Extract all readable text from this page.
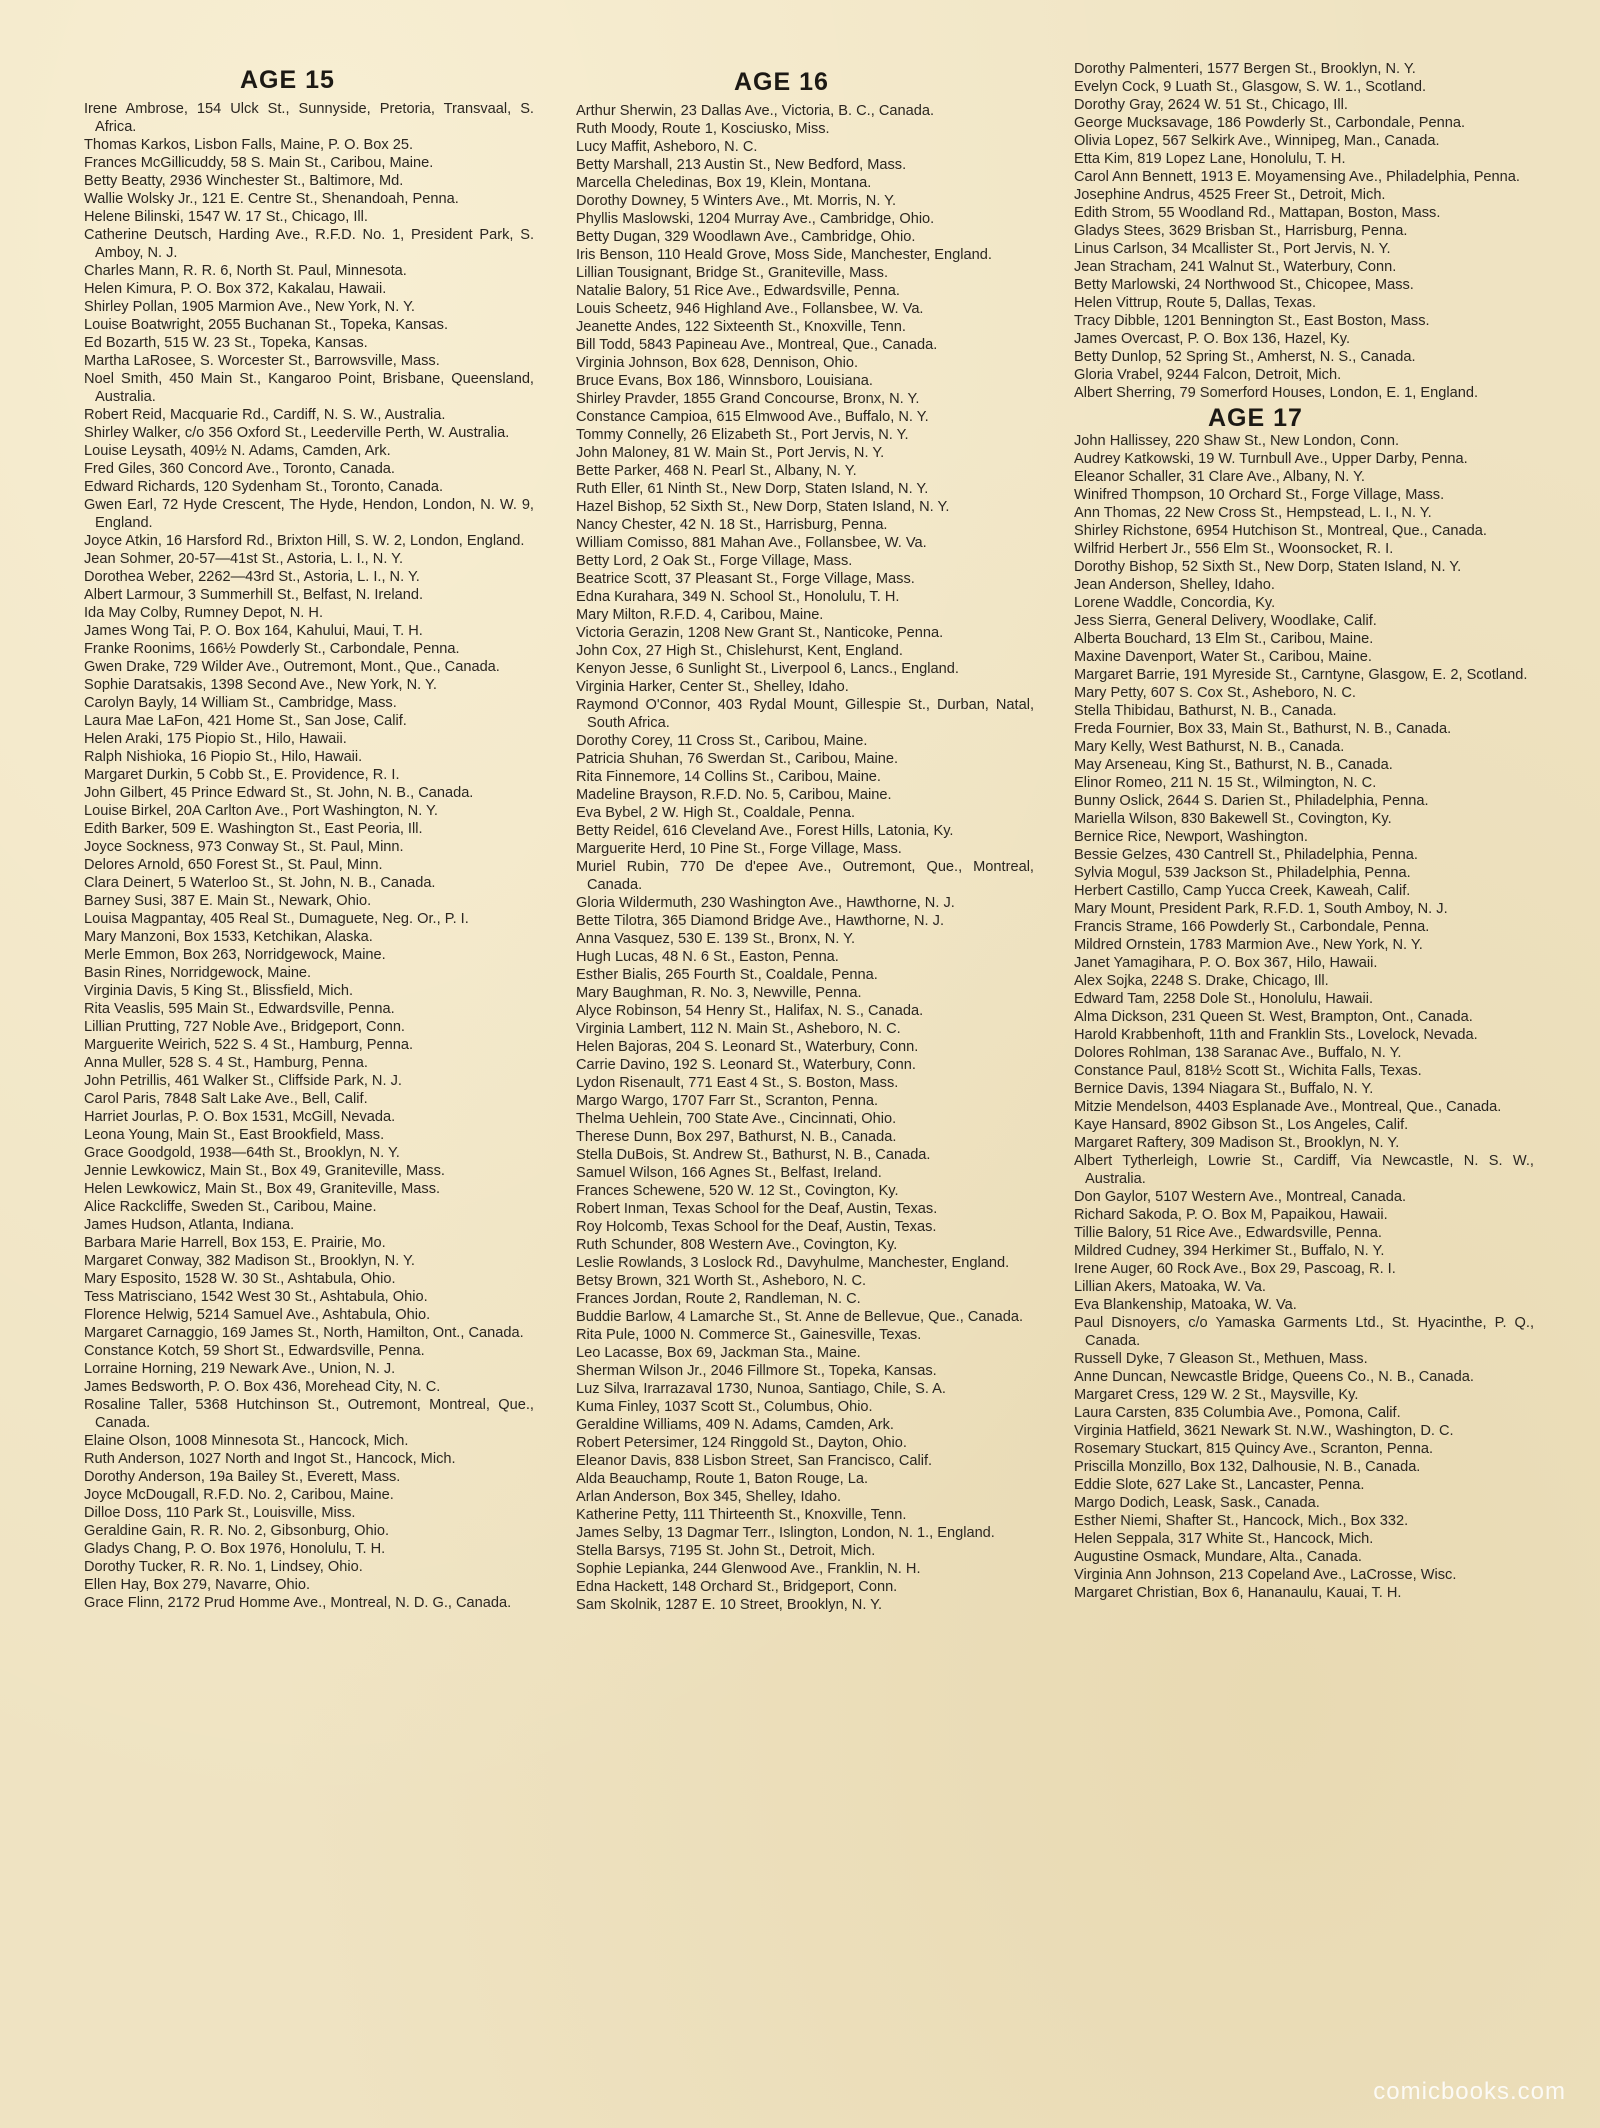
AGE 15

Irene Ambrose, 154 Ulck St., Sunnyside, Pretoria, Transvaal, S. Africa.

Thomas Karkos, Lisbon Falls, Maine, P. O. Box 25.

Frances McGillicuddy, 58 S. Main St., Caribou, Maine.

Betty Beatty, 2936 Winchester St., Baltimore, Md.

Wallie Wolsky Jr., 121 E. Centre St., Shenandoah, Penna.

Helene Bilinski, 1547 W. 17 St., Chicago, Ill.

Catherine Deutsch, Harding Ave., R.F.D. No. 1, President Park, S. Amboy, N. J.

Charles Mann, R. R. 6, North St. Paul, Minnesota.

Helen Kimura, P. O. Box 372, Kakalau, Hawaii.

Shirley Pollan, 1905 Marmion Ave., New York, N. Y.

Louise Boatwright, 2055 Buchanan St., Topeka, Kansas.

Ed Bozarth, 515 W. 23 St., Topeka, Kansas.

Martha LaRosee, S. Worcester St., Barrowsville, Mass.

Noel Smith, 450 Main St., Kangaroo Point, Brisbane, Queensland, Australia.

Robert Reid, Macquarie Rd., Cardiff, N. S. W., Australia.

Shirley Walker, c/o 356 Oxford St., Leederville Perth, W. Australia.

Louise Leysath, 409½ N. Adams, Camden, Ark.

Fred Giles, 360 Concord Ave., Toronto, Canada.

Edward Richards, 120 Sydenham St., Toronto, Canada.

Gwen Earl, 72 Hyde Crescent, The Hyde, Hendon, London, N. W. 9, England.

Joyce Atkin, 16 Harsford Rd., Brixton Hill, S. W. 2, London, England.

Jean Sohmer, 20-57—41st St., Astoria, L. I., N. Y.

Dorothea Weber, 2262—43rd St., Astoria, L. I., N. Y.

Albert Larmour, 3 Summerhill St., Belfast, N. Ireland.

Ida May Colby, Rumney Depot, N. H.

James Wong Tai, P. O. Box 164, Kahului, Maui, T. H.

Franke Roonims, 166½ Powderly St., Carbondale, Penna.

Gwen Drake, 729 Wilder Ave., Outremont, Mont., Que., Canada.

Sophie Daratsakis, 1398 Second Ave., New York, N. Y.

Carolyn Bayly, 14 William St., Cambridge, Mass.

Laura Mae LaFon, 421 Home St., San Jose, Calif.

Helen Araki, 175 Piopio St., Hilo, Hawaii.

Ralph Nishioka, 16 Piopio St., Hilo, Hawaii.

Margaret Durkin, 5 Cobb St., E. Providence, R. I.

John Gilbert, 45 Prince Edward St., St. John, N. B., Canada.

Louise Birkel, 20A Carlton Ave., Port Washington, N. Y.

Edith Barker, 509 E. Washington St., East Peoria, Ill.

Joyce Sockness, 973 Conway St., St. Paul, Minn.

Delores Arnold, 650 Forest St., St. Paul, Minn.

Clara Deinert, 5 Waterloo St., St. John, N. B., Canada.

Barney Susi, 387 E. Main St., Newark, Ohio.

Louisa Magpantay, 405 Real St., Dumaguete, Neg. Or., P. I.

Mary Manzoni, Box 1533, Ketchikan, Alaska.

Merle Emmon, Box 263, Norridgewock, Maine.

Basin Rines, Norridgewock, Maine.

Virginia Davis, 5 King St., Blissfield, Mich.

Rita Veaslis, 595 Main St., Edwardsville, Penna.

Lillian Prutting, 727 Noble Ave., Bridgeport, Conn.

Marguerite Weirich, 522 S. 4 St., Hamburg, Penna.

Anna Muller, 528 S. 4 St., Hamburg, Penna.

John Petrillis, 461 Walker St., Cliffside Park, N. J.

Carol Paris, 7848 Salt Lake Ave., Bell, Calif.

Harriet Jourlas, P. O. Box 1531, McGill, Nevada.

Leona Young, Main St., East Brookfield, Mass.

Grace Goodgold, 1938—64th St., Brooklyn, N. Y.

Jennie Lewkowicz, Main St., Box 49, Graniteville, Mass.

Helen Lewkowicz, Main St., Box 49, Graniteville, Mass.

Alice Rackcliffe, Sweden St., Caribou, Maine.

James Hudson, Atlanta, Indiana.

Barbara Marie Harrell, Box 153, E. Prairie, Mo.

Margaret Conway, 382 Madison St., Brooklyn, N. Y.

Mary Esposito, 1528 W. 30 St., Ashtabula, Ohio.

Tess Matrisciano, 1542 West 30 St., Ashtabula, Ohio.

Florence Helwig, 5214 Samuel Ave., Ashtabula, Ohio.

Margaret Carnaggio, 169 James St., North, Hamilton, Ont., Canada.

Constance Kotch, 59 Short St., Edwardsville, Penna.

Lorraine Horning, 219 Newark Ave., Union, N. J.

James Bedsworth, P. O. Box 436, Morehead City, N. C.

Rosaline Taller, 5368 Hutchinson St., Outremont, Montreal, Que., Canada.

Elaine Olson, 1008 Minnesota St., Hancock, Mich.

Ruth Anderson, 1027 North and Ingot St., Hancock, Mich.

Dorothy Anderson, 19a Bailey St., Everett, Mass.

Joyce McDougall, R.F.D. No. 2, Caribou, Maine.

Dilloe Doss, 110 Park St., Louisville, Miss.

Geraldine Gain, R. R. No. 2, Gibsonburg, Ohio.

Gladys Chang, P. O. Box 1976, Honolulu, T. H.

Dorothy Tucker, R. R. No. 1, Lindsey, Ohio.

Ellen Hay, Box 279, Navarre, Ohio.

Grace Flinn, 2172 Prud Homme Ave., Montreal, N. D. G., Canada.

AGE 16

Arthur Sherwin, 23 Dallas Ave., Victoria, B. C., Canada.

Ruth Moody, Route 1, Kosciusko, Miss.

Lucy Maffit, Asheboro, N. C.

Betty Marshall, 213 Austin St., New Bedford, Mass.

Marcella Cheledinas, Box 19, Klein, Montana.

Dorothy Downey, 5 Winters Ave., Mt. Morris, N. Y.

Phyllis Maslowski, 1204 Murray Ave., Cambridge, Ohio.

Betty Dugan, 329 Woodlawn Ave., Cambridge, Ohio.

Iris Benson, 110 Heald Grove, Moss Side, Manchester, England.

Lillian Tousignant, Bridge St., Graniteville, Mass.

Natalie Balory, 51 Rice Ave., Edwardsville, Penna.

Louis Scheetz, 946 Highland Ave., Follansbee, W. Va.

Jeanette Andes, 122 Sixteenth St., Knoxville, Tenn.

Bill Todd, 5843 Papineau Ave., Montreal, Que., Canada.

Virginia Johnson, Box 628, Dennison, Ohio.

Bruce Evans, Box 186, Winnsboro, Louisiana.

Shirley Pravder, 1855 Grand Concourse, Bronx, N. Y.

Constance Campioa, 615 Elmwood Ave., Buffalo, N. Y.

Tommy Connelly, 26 Elizabeth St., Port Jervis, N. Y.

John Maloney, 81 W. Main St., Port Jervis, N. Y.

Bette Parker, 468 N. Pearl St., Albany, N. Y.

Ruth Eller, 61 Ninth St., New Dorp, Staten Island, N. Y.

Hazel Bishop, 52 Sixth St., New Dorp, Staten Island, N. Y.

Nancy Chester, 42 N. 18 St., Harrisburg, Penna.

William Comisso, 881 Mahan Ave., Follansbee, W. Va.

Betty Lord, 2 Oak St., Forge Village, Mass.

Beatrice Scott, 37 Pleasant St., Forge Village, Mass.

Edna Kurahara, 349 N. School St., Honolulu, T. H.

Mary Milton, R.F.D. 4, Caribou, Maine.

Victoria Gerazin, 1208 New Grant St., Nanticoke, Penna.

John Cox, 27 High St., Chislehurst, Kent, England.

Kenyon Jesse, 6 Sunlight St., Liverpool 6, Lancs., England.

Virginia Harker, Center St., Shelley, Idaho.

Raymond O'Connor, 403 Rydal Mount, Gillespie St., Durban, Natal, South Africa.

Dorothy Corey, 11 Cross St., Caribou, Maine.

Patricia Shuhan, 76 Swerdan St., Caribou, Maine.

Rita Finnemore, 14 Collins St., Caribou, Maine.

Madeline Brayson, R.F.D. No. 5, Caribou, Maine.

Eva Bybel, 2 W. High St., Coaldale, Penna.

Betty Reidel, 616 Cleveland Ave., Forest Hills, Latonia, Ky.

Marguerite Herd, 10 Pine St., Forge Village, Mass.

Muriel Rubin, 770 De d'epee Ave., Outremont, Que., Montreal, Canada.

Gloria Wildermuth, 230 Washington Ave., Hawthorne, N. J.

Bette Tilotra, 365 Diamond Bridge Ave., Hawthorne, N. J.

Anna Vasquez, 530 E. 139 St., Bronx, N. Y.

Hugh Lucas, 48 N. 6 St., Easton, Penna.

Esther Bialis, 265 Fourth St., Coaldale, Penna.

Mary Baughman, R. No. 3, Newville, Penna.

Alyce Robinson, 54 Henry St., Halifax, N. S., Canada.

Virginia Lambert, 112 N. Main St., Asheboro, N. C.

Helen Bajoras, 204 S. Leonard St., Waterbury, Conn.

Carrie Davino, 192 S. Leonard St., Waterbury, Conn.

Lydon Risenault, 771 East 4 St., S. Boston, Mass.

Margo Wargo, 1707 Farr St., Scranton, Penna.

Thelma Uehlein, 700 State Ave., Cincinnati, Ohio.

Therese Dunn, Box 297, Bathurst, N. B., Canada.

Stella DuBois, St. Andrew St., Bathurst, N. B., Canada.

Samuel Wilson, 166 Agnes St., Belfast, Ireland.

Frances Schewene, 520 W. 12 St., Covington, Ky.

Robert Inman, Texas School for the Deaf, Austin, Texas.

Roy Holcomb, Texas School for the Deaf, Austin, Texas.

Ruth Schunder, 808 Western Ave., Covington, Ky.

Leslie Rowlands, 3 Loslock Rd., Davyhulme, Manchester, England.

Betsy Brown, 321 Worth St., Asheboro, N. C.

Frances Jordan, Route 2, Randleman, N. C.

Buddie Barlow, 4 Lamarche St., St. Anne de Bellevue, Que., Canada.

Rita Pule, 1000 N. Commerce St., Gainesville, Texas.

Leo Lacasse, Box 69, Jackman Sta., Maine.

Sherman Wilson Jr., 2046 Fillmore St., Topeka, Kansas.

Luz Silva, Irarrazaval 1730, Nunoa, Santiago, Chile, S. A.

Kuma Finley, 1037 Scott St., Columbus, Ohio.

Geraldine Williams, 409 N. Adams, Camden, Ark.

Robert Petersimer, 124 Ringgold St., Dayton, Ohio.

Eleanor Davis, 838 Lisbon Street, San Francisco, Calif.

Alda Beauchamp, Route 1, Baton Rouge, La.

Arlan Anderson, Box 345, Shelley, Idaho.

Katherine Petty, 111 Thirteenth St., Knoxville, Tenn.

James Selby, 13 Dagmar Terr., Islington, London, N. 1., England.

Stella Barsys, 7195 St. John St., Detroit, Mich.

Sophie Lepianka, 244 Glenwood Ave., Franklin, N. H.

Edna Hackett, 148 Orchard St., Bridgeport, Conn.

Sam Skolnik, 1287 E. 10 Street, Brooklyn, N. Y.

Dorothy Palmenteri, 1577 Bergen St., Brooklyn, N. Y.

Evelyn Cock, 9 Luath St., Glasgow, S. W. 1., Scotland.

Dorothy Gray, 2624 W. 51 St., Chicago, Ill.

George Mucksavage, 186 Powderly St., Carbondale, Penna.

Olivia Lopez, 567 Selkirk Ave., Winnipeg, Man., Canada.

Etta Kim, 819 Lopez Lane, Honolulu, T. H.

Carol Ann Bennett, 1913 E. Moyamensing Ave., Philadelphia, Penna.

Josephine Andrus, 4525 Freer St., Detroit, Mich.

Edith Strom, 55 Woodland Rd., Mattapan, Boston, Mass.

Gladys Stees, 3629 Brisban St., Harrisburg, Penna.

Linus Carlson, 34 Mcallister St., Port Jervis, N. Y.

Jean Stracham, 241 Walnut St., Waterbury, Conn.

Betty Marlowski, 24 Northwood St., Chicopee, Mass.

Helen Vittrup, Route 5, Dallas, Texas.

Tracy Dibble, 1201 Bennington St., East Boston, Mass.

James Overcast, P. O. Box 136, Hazel, Ky.

Betty Dunlop, 52 Spring St., Amherst, N. S., Canada.

Gloria Vrabel, 9244 Falcon, Detroit, Mich.

Albert Sherring, 79 Somerford Houses, London, E. 1, England.

AGE 17

John Hallissey, 220 Shaw St., New London, Conn.

Audrey Katkowski, 19 W. Turnbull Ave., Upper Darby, Penna.

Eleanor Schaller, 31 Clare Ave., Albany, N. Y.

Winifred Thompson, 10 Orchard St., Forge Village, Mass.

Ann Thomas, 22 New Cross St., Hempstead, L. I., N. Y.

Shirley Richstone, 6954 Hutchison St., Montreal, Que., Canada.

Wilfrid Herbert Jr., 556 Elm St., Woonsocket, R. I.

Dorothy Bishop, 52 Sixth St., New Dorp, Staten Island, N. Y.

Jean Anderson, Shelley, Idaho.

Lorene Waddle, Concordia, Ky.

Jess Sierra, General Delivery, Woodlake, Calif.

Alberta Bouchard, 13 Elm St., Caribou, Maine.

Maxine Davenport, Water St., Caribou, Maine.

Margaret Barrie, 191 Myreside St., Carntyne, Glasgow, E. 2, Scotland.

Mary Petty, 607 S. Cox St., Asheboro, N. C.

Stella Thibidau, Bathurst, N. B., Canada.

Freda Fournier, Box 33, Main St., Bathurst, N. B., Canada.

Mary Kelly, West Bathurst, N. B., Canada.

May Arseneau, King St., Bathurst, N. B., Canada.

Elinor Romeo, 211 N. 15 St., Wilmington, N. C.

Bunny Oslick, 2644 S. Darien St., Philadelphia, Penna.

Mariella Wilson, 830 Bakewell St., Covington, Ky.

Bernice Rice, Newport, Washington.

Bessie Gelzes, 430 Cantrell St., Philadelphia, Penna.

Sylvia Mogul, 539 Jackson St., Philadelphia, Penna.

Herbert Castillo, Camp Yucca Creek, Kaweah, Calif.

Mary Mount, President Park, R.F.D. 1, South Amboy, N. J.

Francis Strame, 166 Powderly St., Carbondale, Penna.

Mildred Ornstein, 1783 Marmion Ave., New York, N. Y.

Janet Yamagihara, P. O. Box 367, Hilo, Hawaii.

Alex Sojka, 2248 S. Drake, Chicago, Ill.

Edward Tam, 2258 Dole St., Honolulu, Hawaii.

Alma Dickson, 231 Queen St. West, Brampton, Ont., Canada.

Harold Krabbenhoft, 11th and Franklin Sts., Lovelock, Nevada.

Dolores Rohlman, 138 Saranac Ave., Buffalo, N. Y.

Constance Paul, 818½ Scott St., Wichita Falls, Texas.

Bernice Davis, 1394 Niagara St., Buffalo, N. Y.

Mitzie Mendelson, 4403 Esplanade Ave., Montreal, Que., Canada.

Kaye Hansard, 8902 Gibson St., Los Angeles, Calif.

Margaret Raftery, 309 Madison St., Brooklyn, N. Y.

Albert Tytherleigh, Lowrie St., Cardiff, Via Newcastle, N. S. W., Australia.

Don Gaylor, 5107 Western Ave., Montreal, Canada.

Richard Sakoda, P. O. Box M, Papaikou, Hawaii.

Tillie Balory, 51 Rice Ave., Edwardsville, Penna.

Mildred Cudney, 394 Herkimer St., Buffalo, N. Y.

Irene Auger, 60 Rock Ave., Box 29, Pascoag, R. I.

Lillian Akers, Matoaka, W. Va.

Eva Blankenship, Matoaka, W. Va.

Paul Disnoyers, c/o Yamaska Garments Ltd., St. Hyacinthe, P. Q., Canada.

Russell Dyke, 7 Gleason St., Methuen, Mass.

Anne Duncan, Newcastle Bridge, Queens Co., N. B., Canada.

Margaret Cress, 129 W. 2 St., Maysville, Ky.

Laura Carsten, 835 Columbia Ave., Pomona, Calif.

Virginia Hatfield, 3621 Newark St. N.W., Washington, D. C.

Rosemary Stuckart, 815 Quincy Ave., Scranton, Penna.

Priscilla Monzillo, Box 132, Dalhousie, N. B., Canada.

Eddie Slote, 627 Lake St., Lancaster, Penna.

Margo Dodich, Leask, Sask., Canada.

Esther Niemi, Shafter St., Hancock, Mich., Box 332.

Helen Seppala, 317 White St., Hancock, Mich.

Augustine Osmack, Mundare, Alta., Canada.

Virginia Ann Johnson, 213 Copeland Ave., LaCrosse, Wisc.

Margaret Christian, Box 6, Hananaulu, Kauai, T. H.

comicbooks.com
